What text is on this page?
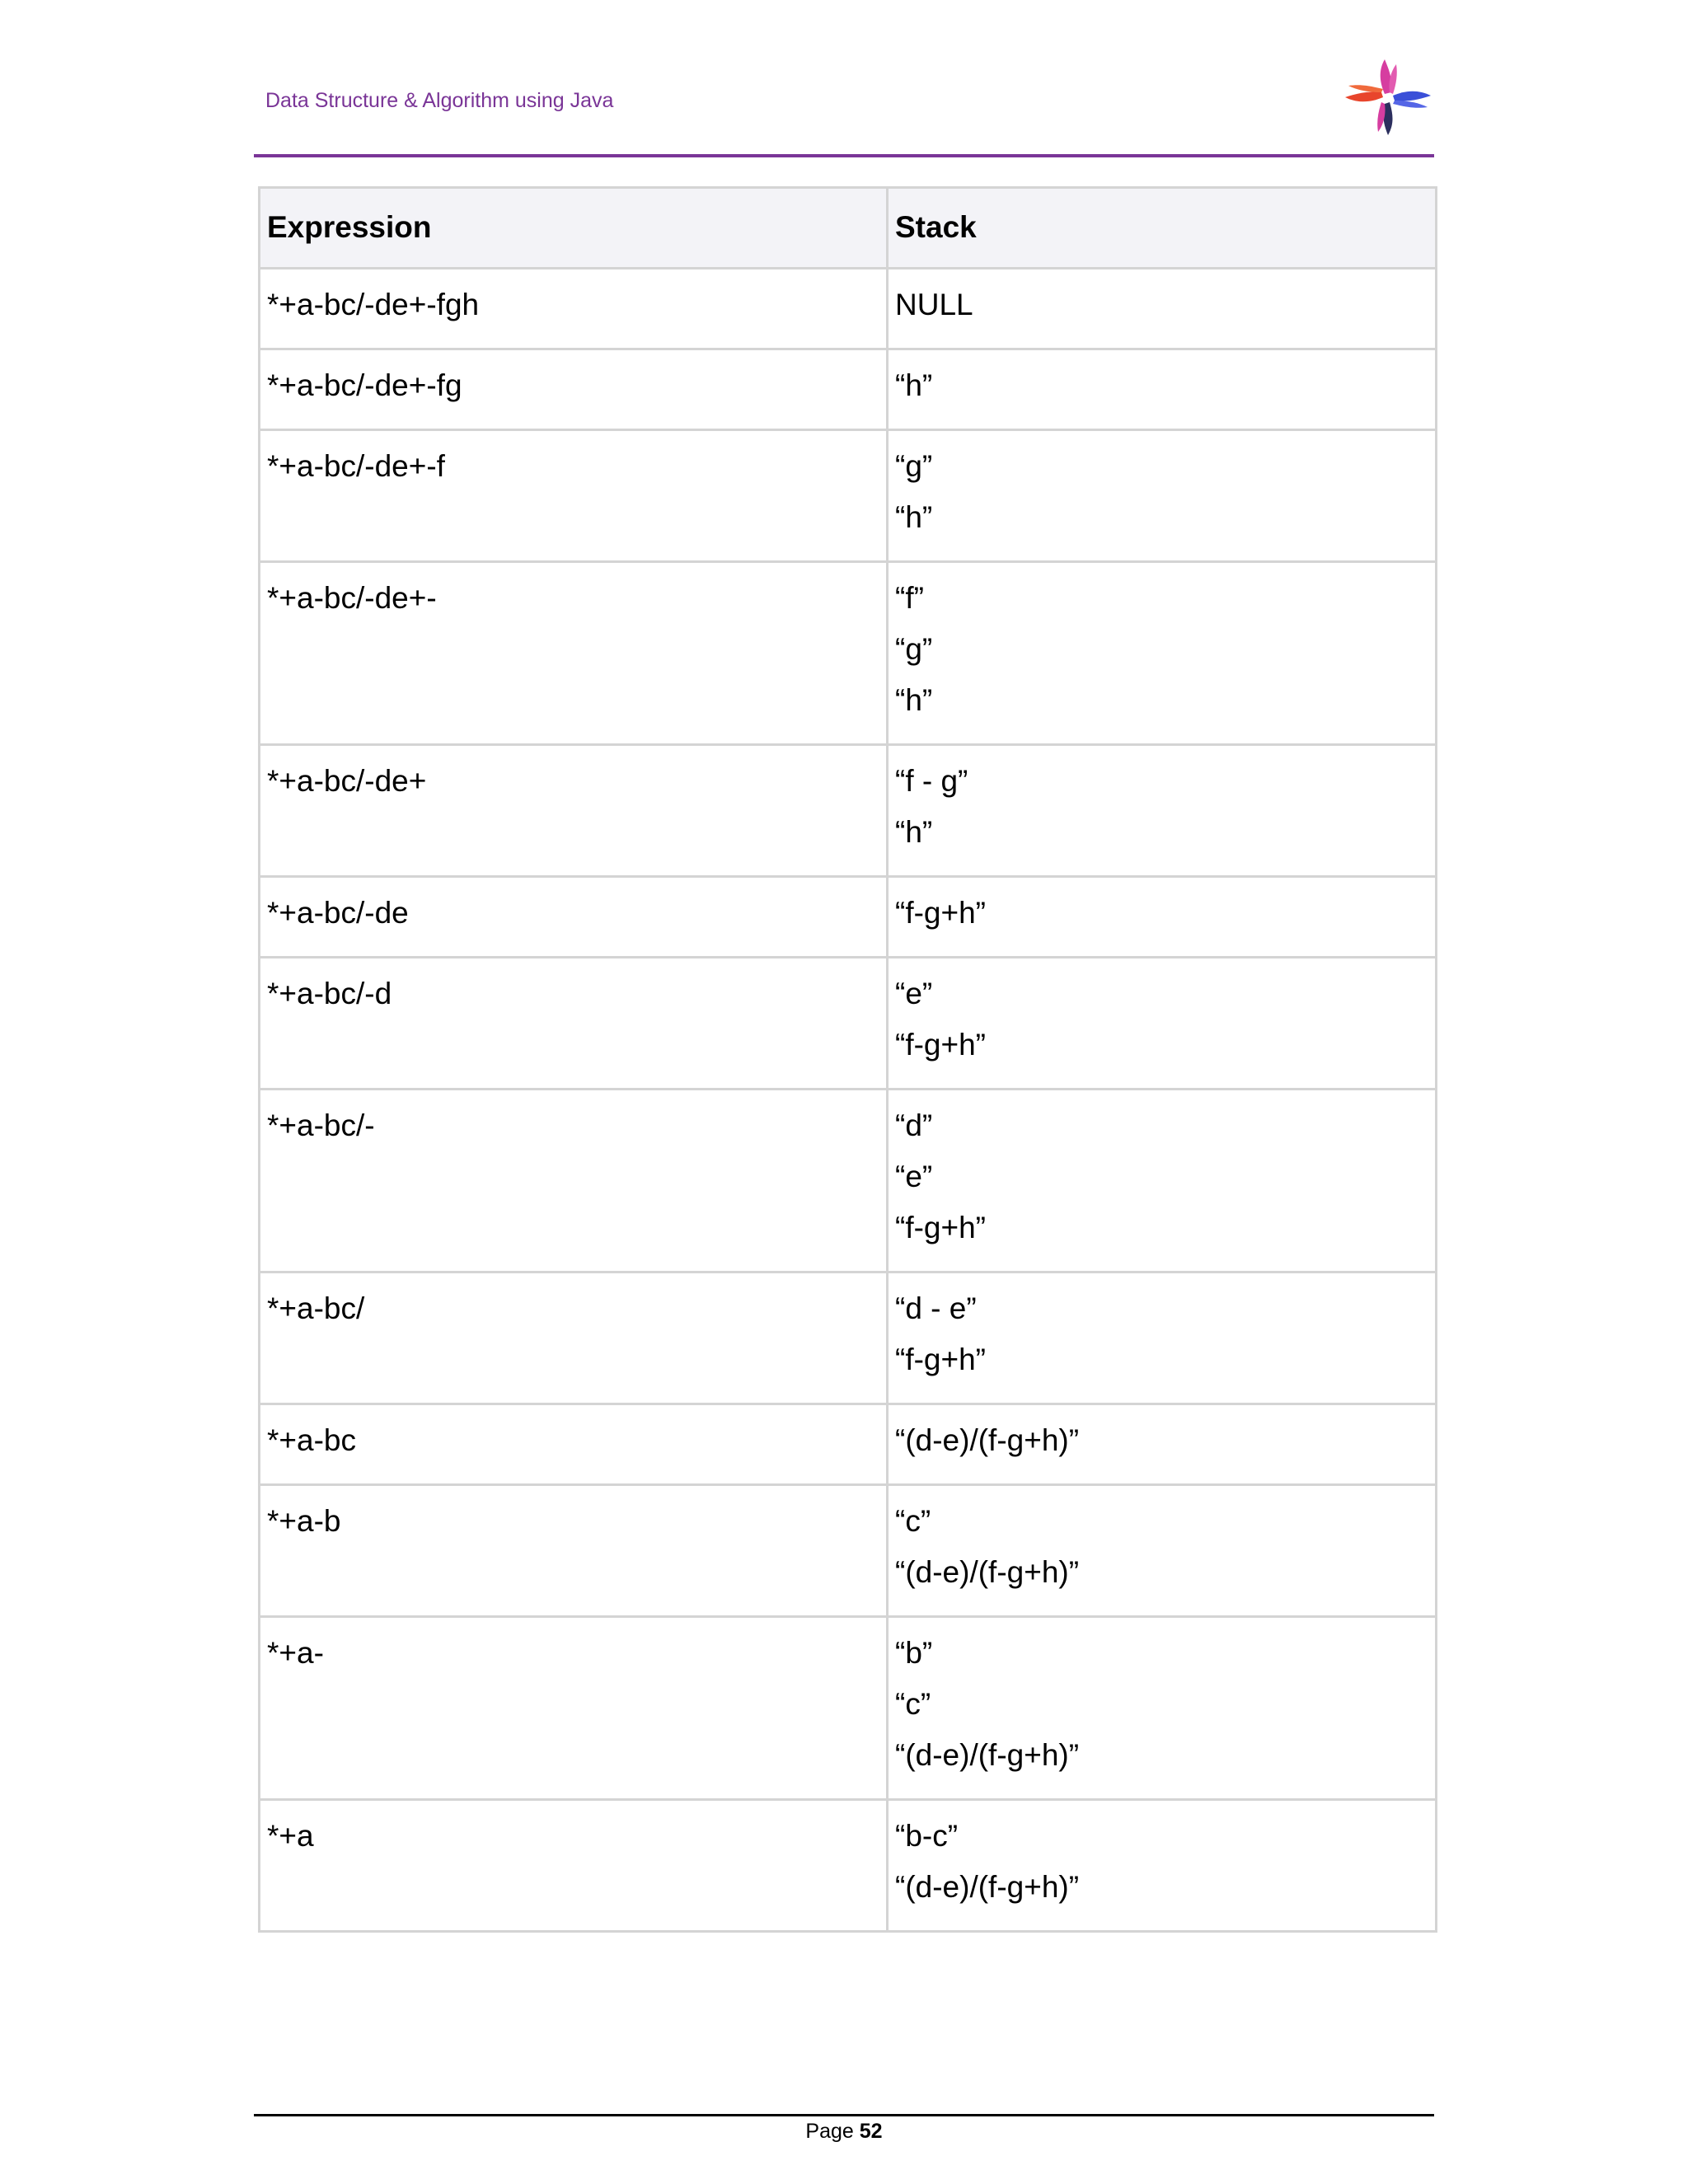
Data Structure & Algorithm using Java
Expression	Stack

*+a-bc/-de+-fgh	NULL

*+a-bc/-de+-fg	“h”

*+a-bc/-de+-f	“g”
“h”

*+a-bc/-de+-	“f”
“g”
“h”

*+a-bc/-de+	“f - g”
“h”

*+a-bc/-de	“f-g+h”

*+a-bc/-d	“e”
“f-g+h”

*+a-bc/-	“d”
“e”
“f-g+h”

*+a-bc/	“d - e”
“f-g+h”

*+a-bc	“(d-e)/(f-g+h)”

*+a-b	“c”
“(d-e)/(f-g+h)”

*+a-	“b”
“c”
“(d-e)/(f-g+h)”

*+a	“b-c”
“(d-e)/(f-g+h)”
Page 52
